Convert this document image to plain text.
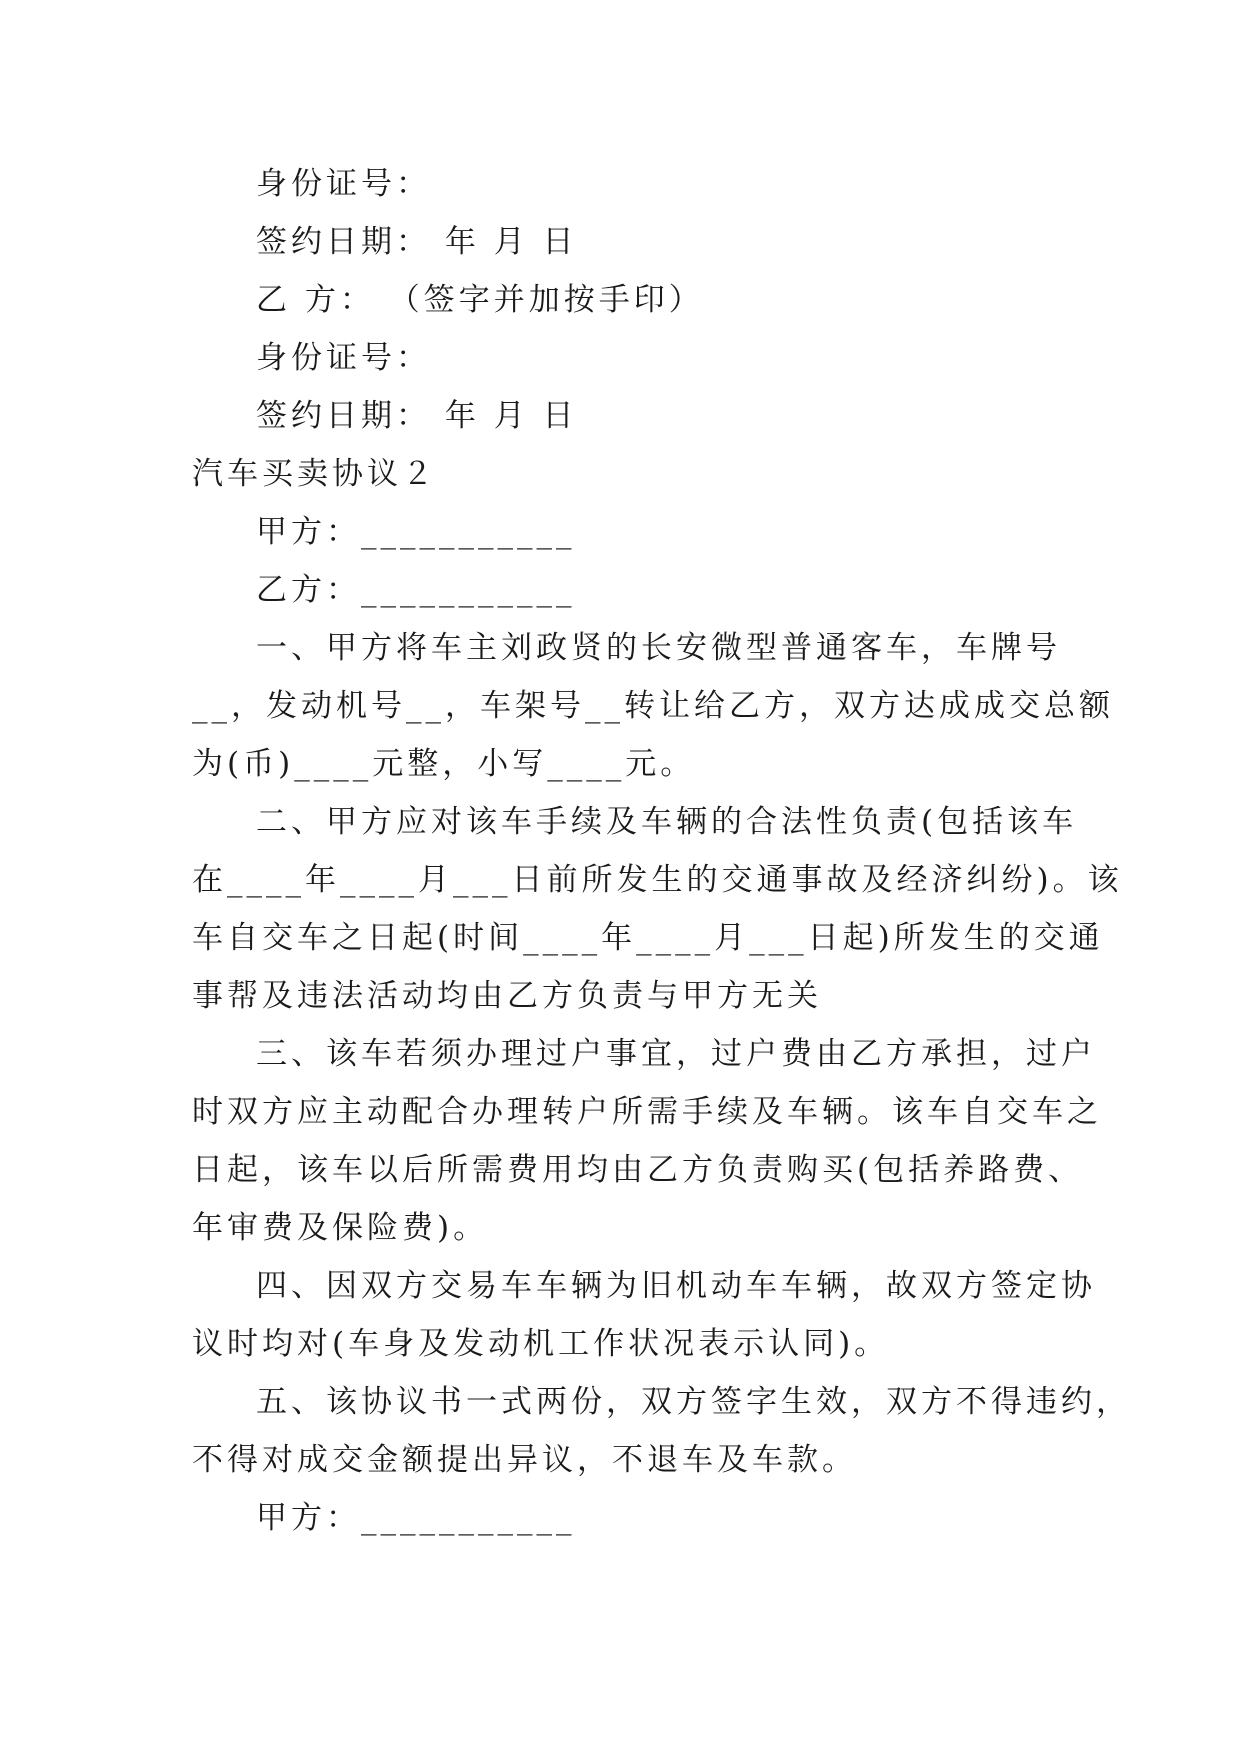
身份证号：
签约日期： 年 月 日
乙 方： （签字并加按手印）
身份证号：
签约日期： 年 月 日
汽车买卖协议２
甲方：___________
乙方：___________
一、甲方将车主刘政贤的长安微型普通客车，车牌号
__，发动机号__，车架号__转让给乙方，双方达成成交总额
为(币)____元整，小写____元。
二、甲方应对该车手续及车辆的合法性负责(包括该车
在____年____月___日前所发生的交通事故及经济纠纷)。该
车自交车之日起(时间____年____月___日起)所发生的交通
事帮及违法活动均由乙方负责与甲方无关
三、该车若须办理过户事宜，过户费由乙方承担，过户
时双方应主动配合办理转户所需手续及车辆。该车自交车之
日起，该车以后所需费用均由乙方负责购买(包括养路费、
年审费及保险费)。
四、因双方交易车车辆为旧机动车车辆，故双方签定协
议时均对(车身及发动机工作状况表示认同)。
五、该协议书一式两份，双方签字生效，双方不得违约，
不得对成交金额提出异议，不退车及车款。
甲方：___________
